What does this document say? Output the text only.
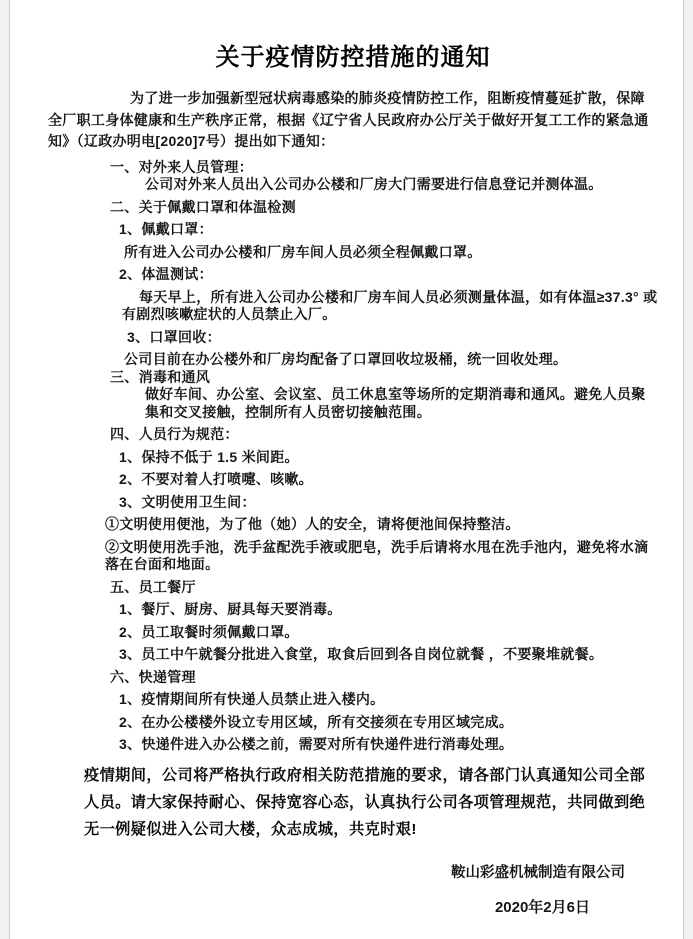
关于疫情防控措施的通知

为了进一步加强新型冠状病毒感染的肺炎疫情防控工作，阻断疫情蔓延扩散，保障全厂职工身体健康和生产秩序正常，根据《辽宁省人民政府办公厅关于做好开复工工作的紧急通知》（辽政办明电[2020]7号）提出如下通知：

一、对外来人员管理：

公司对外来人员出入公司办公楼和厂房大门需要进行信息登记并测体温。

二、关于佩戴口罩和体温检测

1、佩戴口罩：

所有进入公司办公楼和厂房车间人员必须全程佩戴口罩。

2、体温测试：

每天早上，所有进入公司办公楼和厂房车间人员必须测量体温，如有体温≥37.3° 或有剧烈咳嗽症状的人员禁止入厂。

3、口罩回收：

公司目前在办公楼外和厂房均配备了口罩回收垃圾桶，统一回收处理。

三、消毒和通风

做好车间、办公室、会议室、员工休息室等场所的定期消毒和通风。避免人员聚集和交叉接触，控制所有人员密切接触范围。

四、人员行为规范：

1、保持不低于 1.5 米间距。

2、不要对着人打喷嚏、咳嗽。

3、文明使用卫生间：

①文明使用便池，为了他（她）人的安全，请将便池间保持整洁。

②文明使用洗手池，洗手盆配洗手液或肥皂，洗手后请将水甩在洗手池内，避免将水滴落在台面和地面。

五、员工餐厅

1、餐厅、厨房、厨具每天要消毒。

2、员工取餐时须佩戴口罩。

3、员工中午就餐分批进入食堂，取食后回到各自岗位就餐 ，不要聚堆就餐。

六、快递管理

1、疫情期间所有快递人员禁止进入楼内。

2、在办公楼楼外设立专用区域，所有交接须在专用区域完成。

3、快递件进入办公楼之前，需要对所有快递件进行消毒处理。

疫情期间，公司将严格执行政府相关防范措施的要求，请各部门认真通知公司全部人员。请大家保持耐心、保持宽容心态，认真执行公司各项管理规范，共同做到绝无一例疑似进入公司大楼，众志成城，共克时艰!

鞍山彩盛机械制造有限公司

2020年2月6日
